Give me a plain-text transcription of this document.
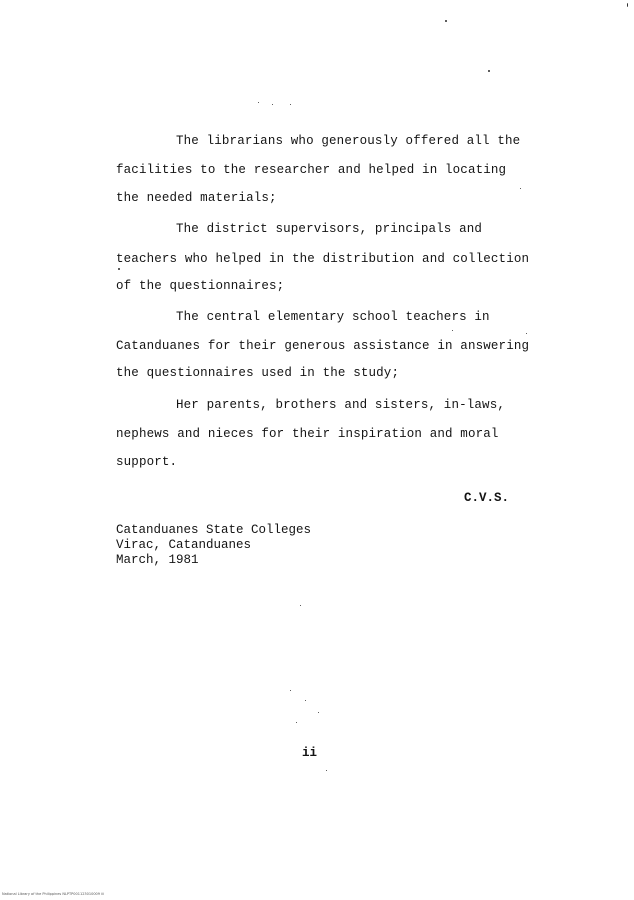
The librarians who generously offered all the
facilities to the researcher and helped in locating
the needed materials;
The district supervisors, principals and
teachers who helped in the distribution and collection
of the questionnaires;
The central elementary school teachers in
Catanduanes for their generous assistance in answering
the questionnaires used in the study;
Her parents, brothers and sisters, in-laws,
nephews and nieces for their inspiration and moral
support.
C.V.S.
Catanduanes State Colleges
Virac, Catanduanes
March, 1981
ii
National Library of the Philippines NLPTP001123010009 iii
